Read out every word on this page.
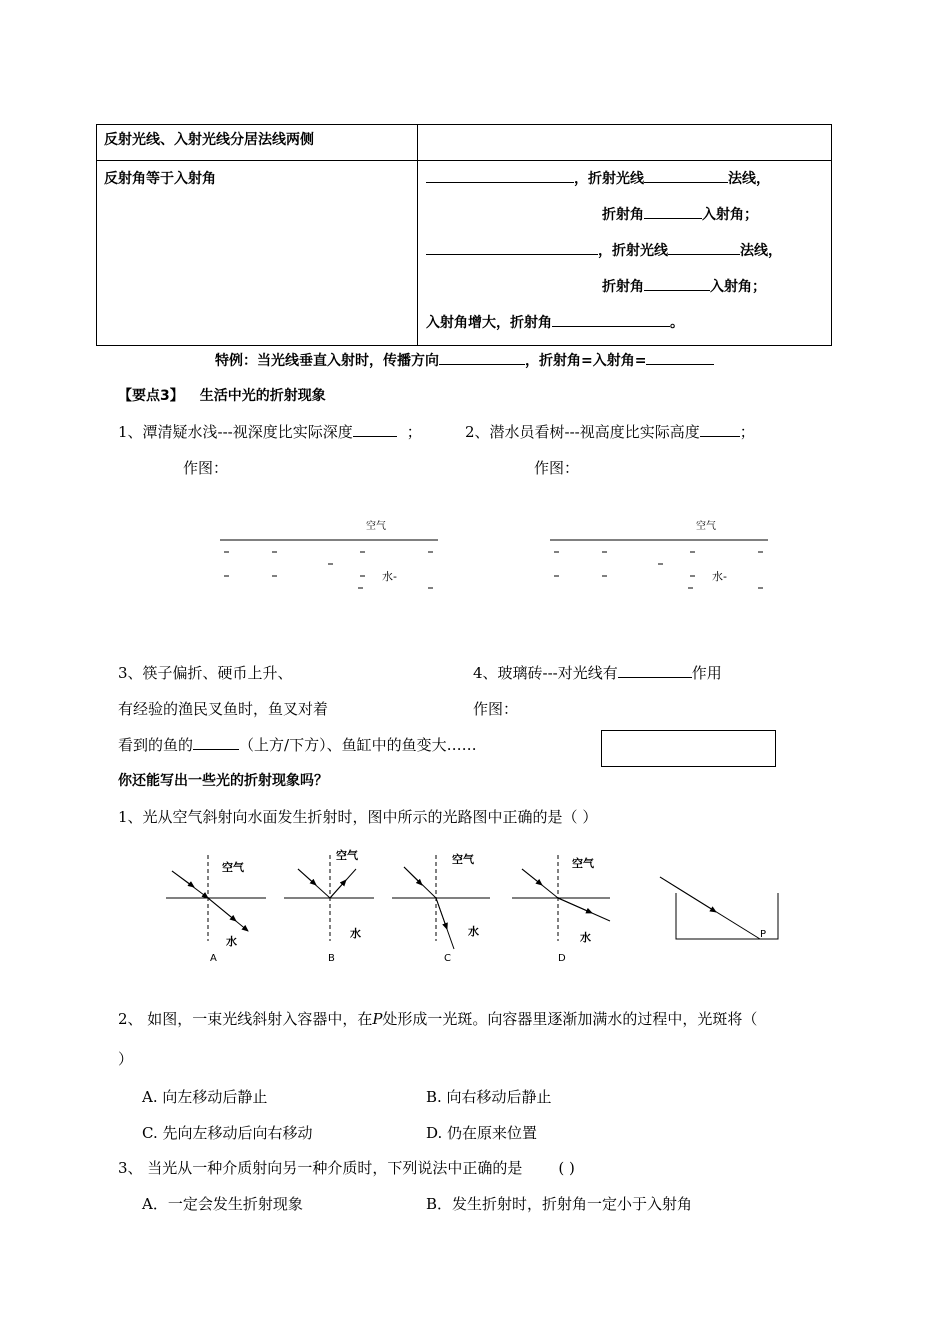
反射光线、入射光线分居法线两侧
反射角等于入射角	，折射光线	法线，
折射角	入射角；
，折射光线	法线，
折射角	入射角；
入射角增大，折射角	。
特例：当光线垂直入射时，传播方向	，折射角=入射角=
【要点3】 生活中光的折射现象
1、潭清疑水浅---视深度比实际深度	；	2、潜水员看树---视高度比实际高度	；
作图：	作图：
空气
水-
空气
水-
3、筷子偏折、硬币上升、	4、玻璃砖---对光线有	作用
有经验的渔民叉鱼时，鱼叉对着	作图：
看到的鱼的	（上方/下方）、鱼缸中的鱼变大……
你还能写出一些光的折射现象吗？
1、光从空气斜射向水面发生折射时，图中所示的光路图中正确的是（ ）
空气
水
A
空气
水
B
空气
水
C
空气
水
D
P
2、 如图，一束光线斜射入容器中，在P处形成一光斑。向容器里逐渐加满水的过程中，光斑将（
）
A. 向左移动后静止	B. 向右移动后静止
C. 先向左移动后向右移动	D. 仍在原来位置
3、 当光从一种介质射向另一种介质时，下列说法中正确的是 ( )
A．一定会发生折射现象	B．发生折射时，折射角一定小于入射角
